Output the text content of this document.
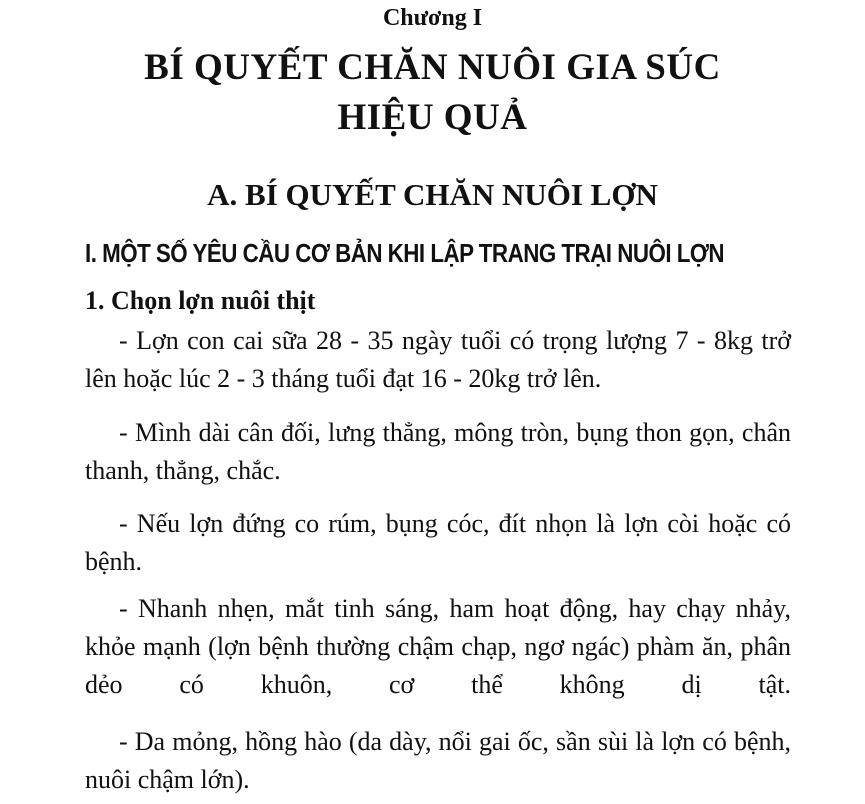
Chương I
BÍ QUYẾT CHĂN NUÔI GIA SÚC
HIỆU QUẢ
A. BÍ QUYẾT CHĂN NUÔI LỢN
I. MỘT SỐ YÊU CẦU CƠ BẢN KHI LẬP TRANG TRẠI NUÔI LỢN
1. Chọn lợn nuôi thịt
- Lợn con cai sữa 28 - 35 ngày tuổi có trọng lượng 7 - 8kg trở lên hoặc lúc 2 - 3 tháng tuổi đạt 16 - 20kg trở lên.
- Mình dài cân đối, lưng thẳng, mông tròn, bụng thon gọn, chân thanh, thẳng, chắc.
- Nếu lợn đứng co rúm, bụng cóc, đít nhọn là lợn còi hoặc có bệnh.
- Nhanh nhẹn, mắt tinh sáng, ham hoạt động, hay chạy nhảy, khỏe mạnh (lợn bệnh thường chậm chạp, ngơ ngác) phàm ăn, phân dẻo có khuôn, cơ thể không dị tật.
- Da mỏng, hồng hào (da dày, nổi gai ốc, sần sùi là lợn có bệnh, nuôi chậm lớn).
